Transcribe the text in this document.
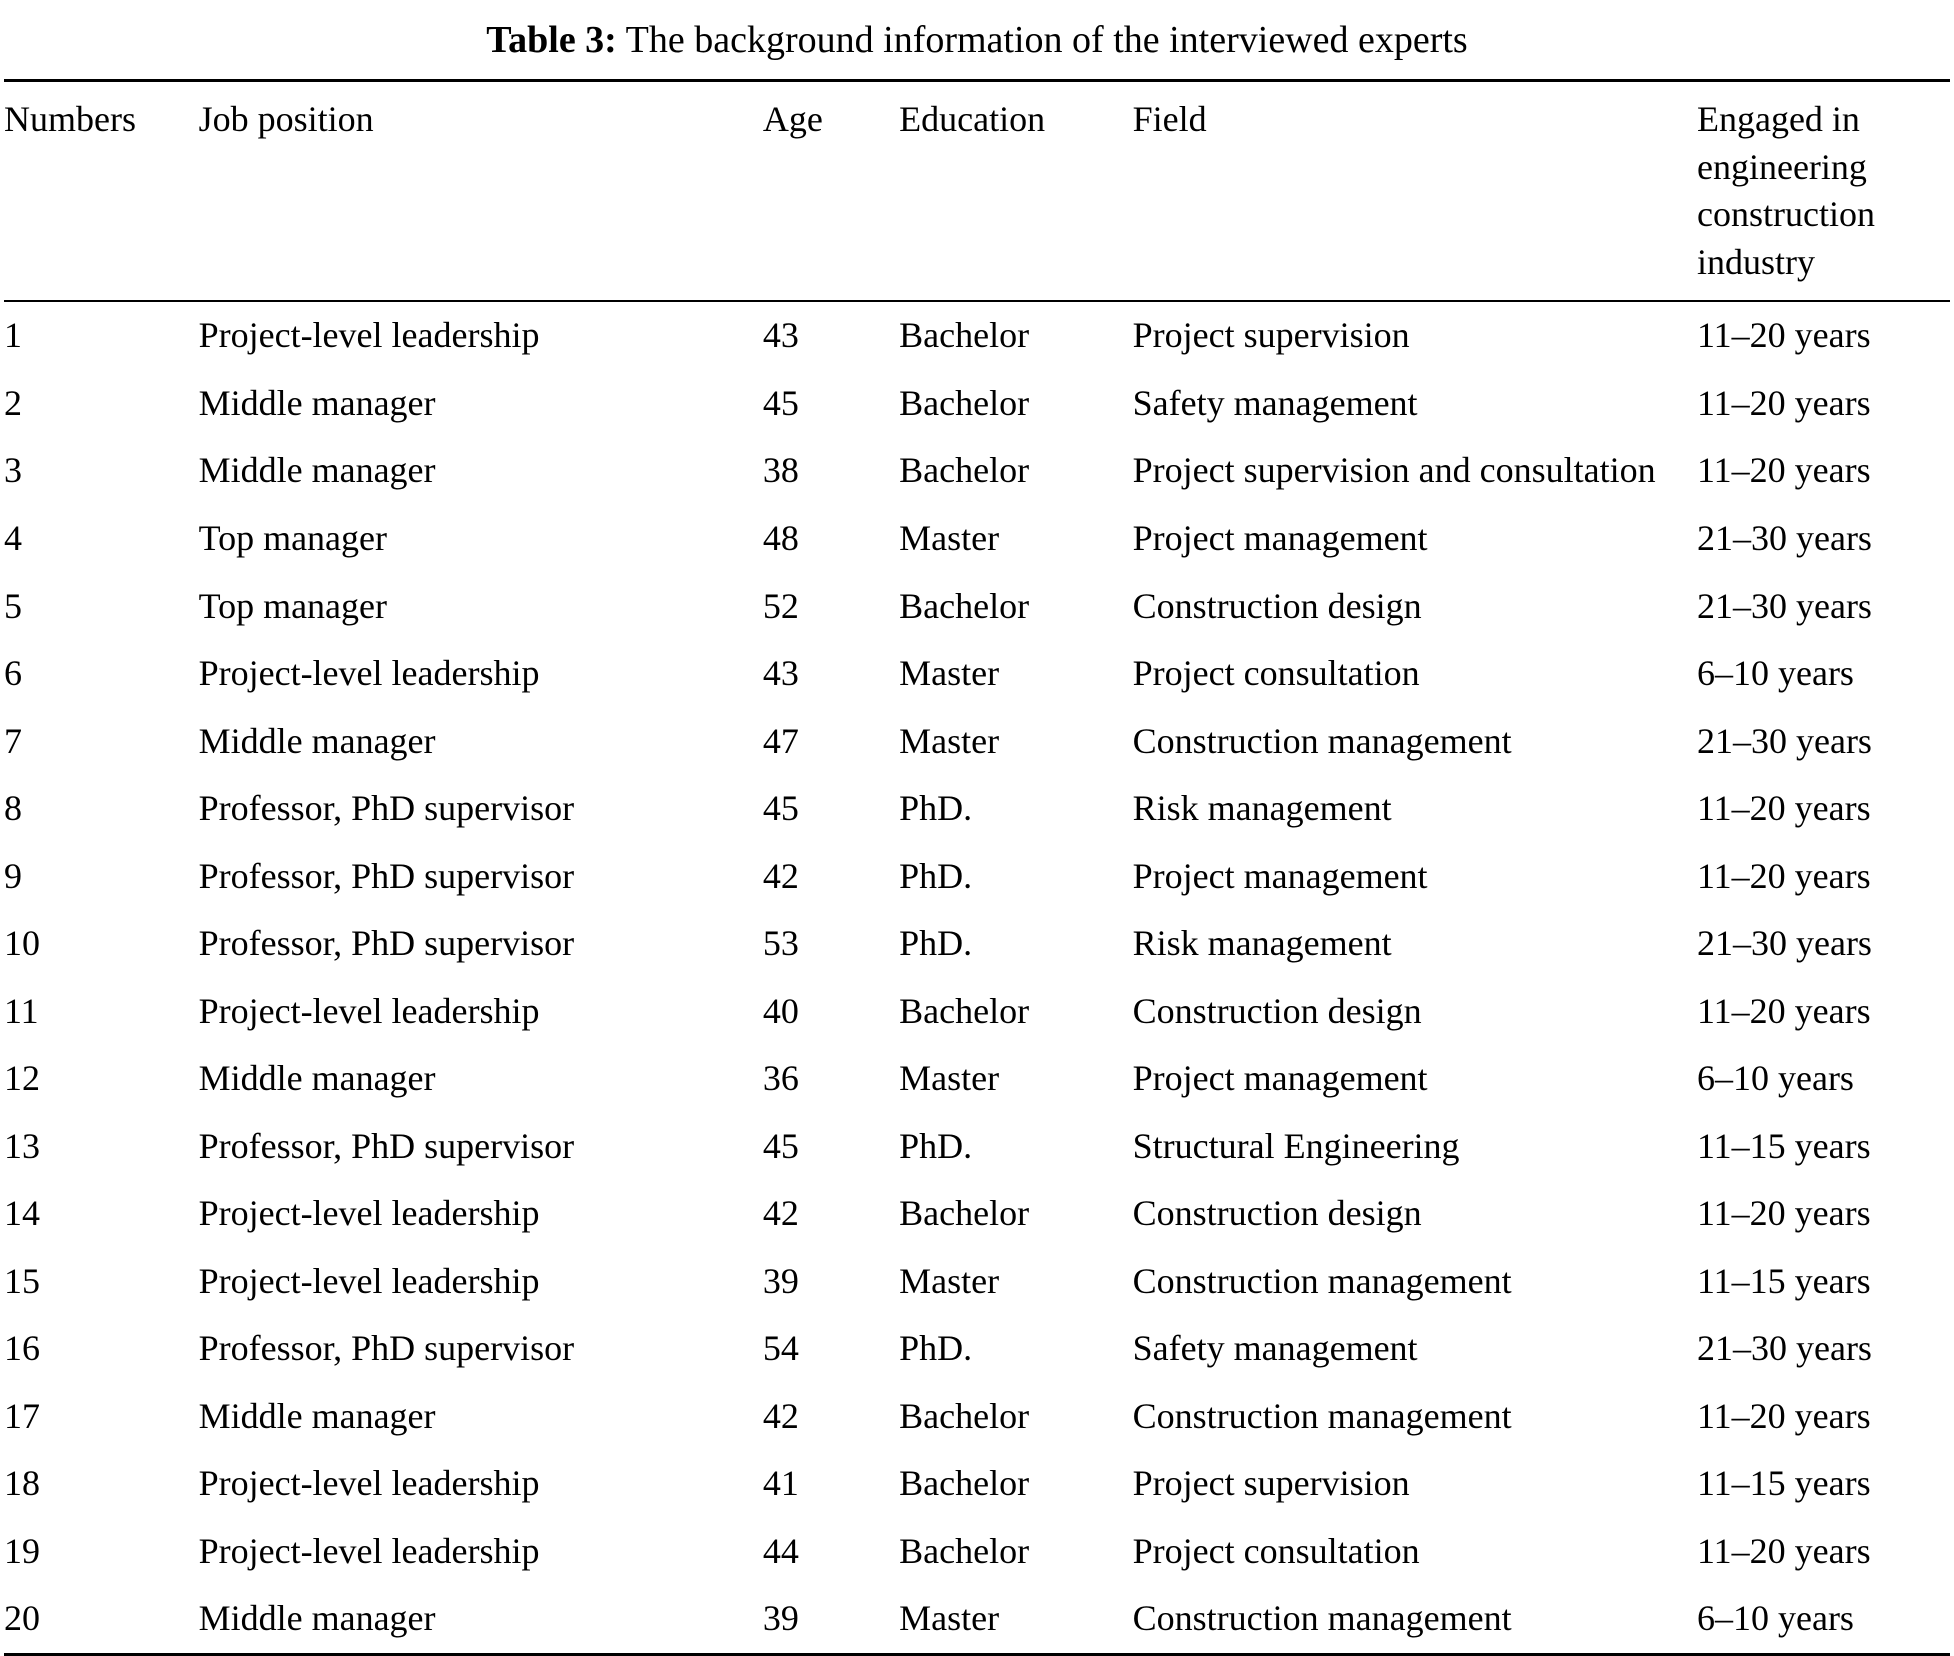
Table 3: The background information of the interviewed experts
Numbers	Job position	Age	Education	Field	Engaged in engineering construction industry
1	Project-level leadership	43	Bachelor	Project supervision	11–20 years
2	Middle manager	45	Bachelor	Safety management	11–20 years
3	Middle manager	38	Bachelor	Project supervision and consultation	11–20 years
4	Top manager	48	Master	Project management	21–30 years
5	Top manager	52	Bachelor	Construction design	21–30 years
6	Project-level leadership	43	Master	Project consultation	6–10 years
7	Middle manager	47	Master	Construction management	21–30 years
8	Professor, PhD supervisor	45	PhD.	Risk management	11–20 years
9	Professor, PhD supervisor	42	PhD.	Project management	11–20 years
10	Professor, PhD supervisor	53	PhD.	Risk management	21–30 years
11	Project-level leadership	40	Bachelor	Construction design	11–20 years
12	Middle manager	36	Master	Project management	6–10 years
13	Professor, PhD supervisor	45	PhD.	Structural Engineering	11–15 years
14	Project-level leadership	42	Bachelor	Construction design	11–20 years
15	Project-level leadership	39	Master	Construction management	11–15 years
16	Professor, PhD supervisor	54	PhD.	Safety management	21–30 years
17	Middle manager	42	Bachelor	Construction management	11–20 years
18	Project-level leadership	41	Bachelor	Project supervision	11–15 years
19	Project-level leadership	44	Bachelor	Project consultation	11–20 years
20	Middle manager	39	Master	Construction management	6–10 years
